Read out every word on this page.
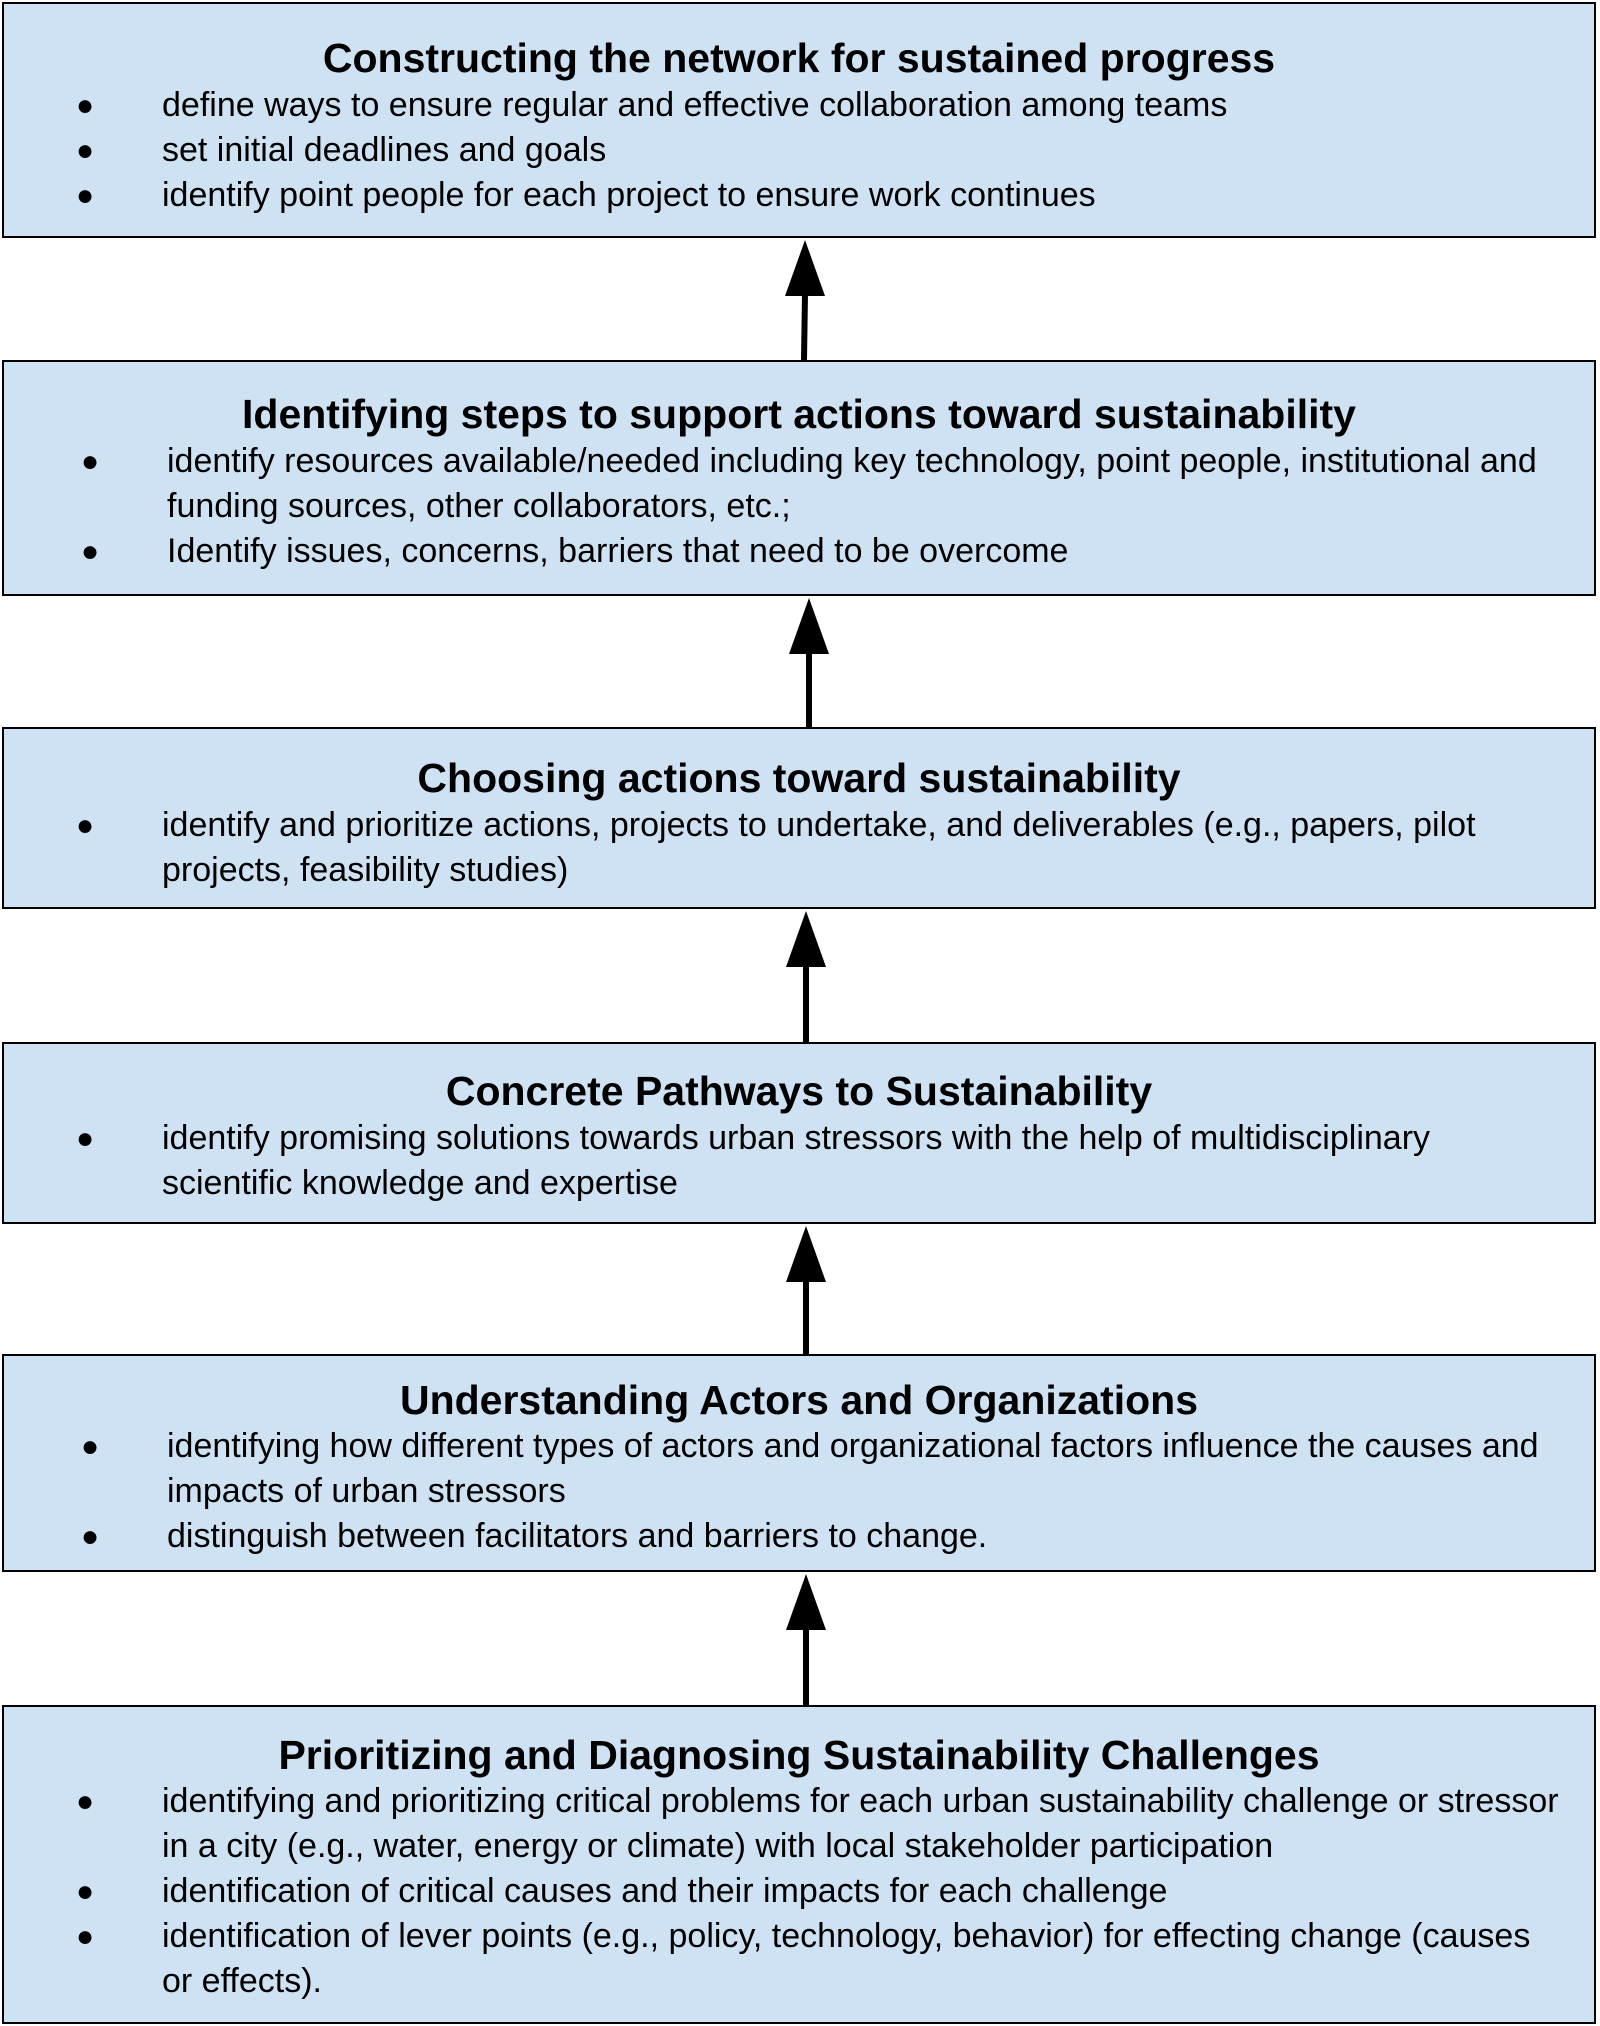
Constructing the network for sustained progress
● define ways to ensure regular and effective collaboration among teams
● set initial deadlines and goals
● identify point people for each project to ensure work continues
Identifying steps to support actions toward sustainability
● identify resources available/needed including key technology, point people, institutional and funding sources, other collaborators, etc.;
● Identify issues, concerns, barriers that need to be overcome
Choosing actions toward sustainability
● identify and prioritize actions, projects to undertake, and deliverables (e.g., papers, pilot projects, feasibility studies)
Concrete Pathways to Sustainability
● identify promising solutions towards urban stressors with the help of multidisciplinary scientific knowledge and expertise
Understanding Actors and Organizations
● identifying how different types of actors and organizational factors influence the causes and impacts of urban stressors
● distinguish between facilitators and barriers to change.
Prioritizing and Diagnosing Sustainability Challenges
● identifying and prioritizing critical problems for each urban sustainability challenge or stressor in a city (e.g., water, energy or climate) with local stakeholder participation
● identification of critical causes and their impacts for each challenge
● identification of lever points (e.g., policy, technology, behavior) for effecting change (causes or effects).
